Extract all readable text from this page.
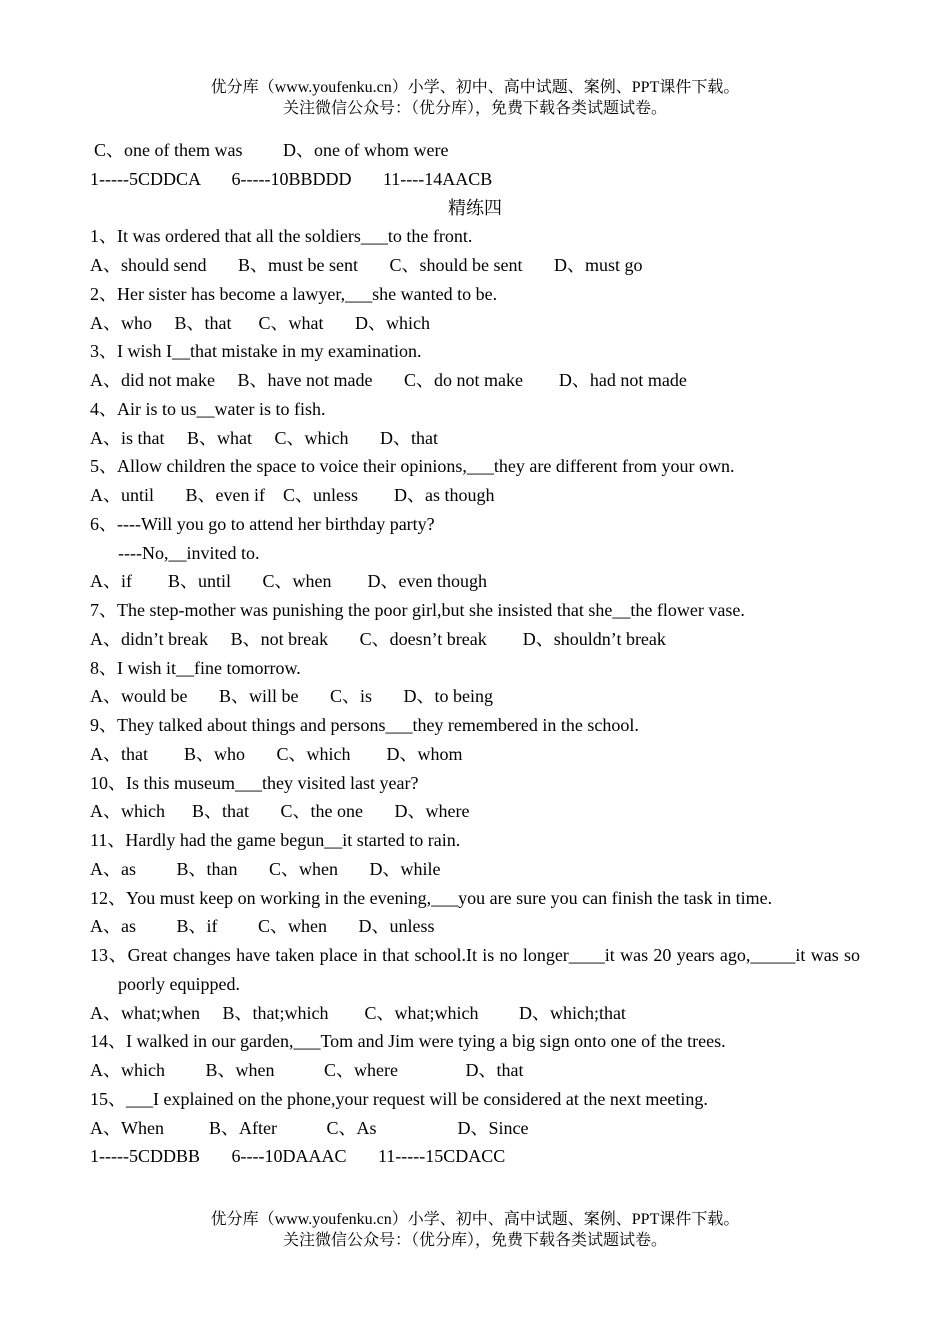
优分库（www.youfenku.cn）小学、初中、高中试题、案例、PPT课件下载。
关注微信公众号：（优分库），免费下载各类试题试卷。
C、one of them was         D、one of whom were
1-----5CDDCA       6-----10BBDDD       11----14AACB
精练四
1、It was ordered that all the soldiers___to the front.
A、should send       B、must be sent       C、should be sent       D、must go
2、Her sister has become a lawyer,___she wanted to be.
A、who     B、that      C、what       D、which
3、I wish I__that mistake in my examination.
A、did not make     B、have not made       C、do not make        D、had not made
4、Air is to us__water is to fish.
A、is that     B、what     C、which       D、that
5、Allow children the space to voice their opinions,___they are different from your own.
A、until       B、even if    C、unless        D、as though
6、----Will you go to attend her birthday party?
----No,__invited to.
A、if        B、until       C、when        D、even though
7、The step-mother was punishing the poor girl,but she insisted that she__the flower vase.
A、didn’t break     B、not break       C、doesn’t break        D、shouldn’t break
8、I wish it__fine tomorrow.
A、would be       B、will be       C、is       D、to being
9、They talked about things and persons___they remembered in the school.
A、that        B、who       C、which        D、whom
10、Is this museum___they visited last year?
A、which      B、that       C、the one       D、where
11、Hardly had the game begun__it started to rain.
A、as         B、than       C、when       D、while
12、You must keep on working in the evening,___you are sure you can finish the task in time.
A、as         B、if         C、when       D、unless
13、Great changes have taken place in that school.It is no longer____it was 20 years ago,_____it was so poorly equipped.
A、what;when     B、that;which        C、what;which         D、which;that
14、I walked in our garden,___Tom and Jim were tying a big sign onto one of the trees.
A、which         B、when           C、where               D、that
15、___I explained on the phone,your request will be considered at the next meeting.
A、When          B、After           C、As                  D、Since
1-----5CDDBB       6----10DAAAC       11-----15CDACC
优分库（www.youfenku.cn）小学、初中、高中试题、案例、PPT课件下载。
关注微信公众号：（优分库），免费下载各类试题试卷。
